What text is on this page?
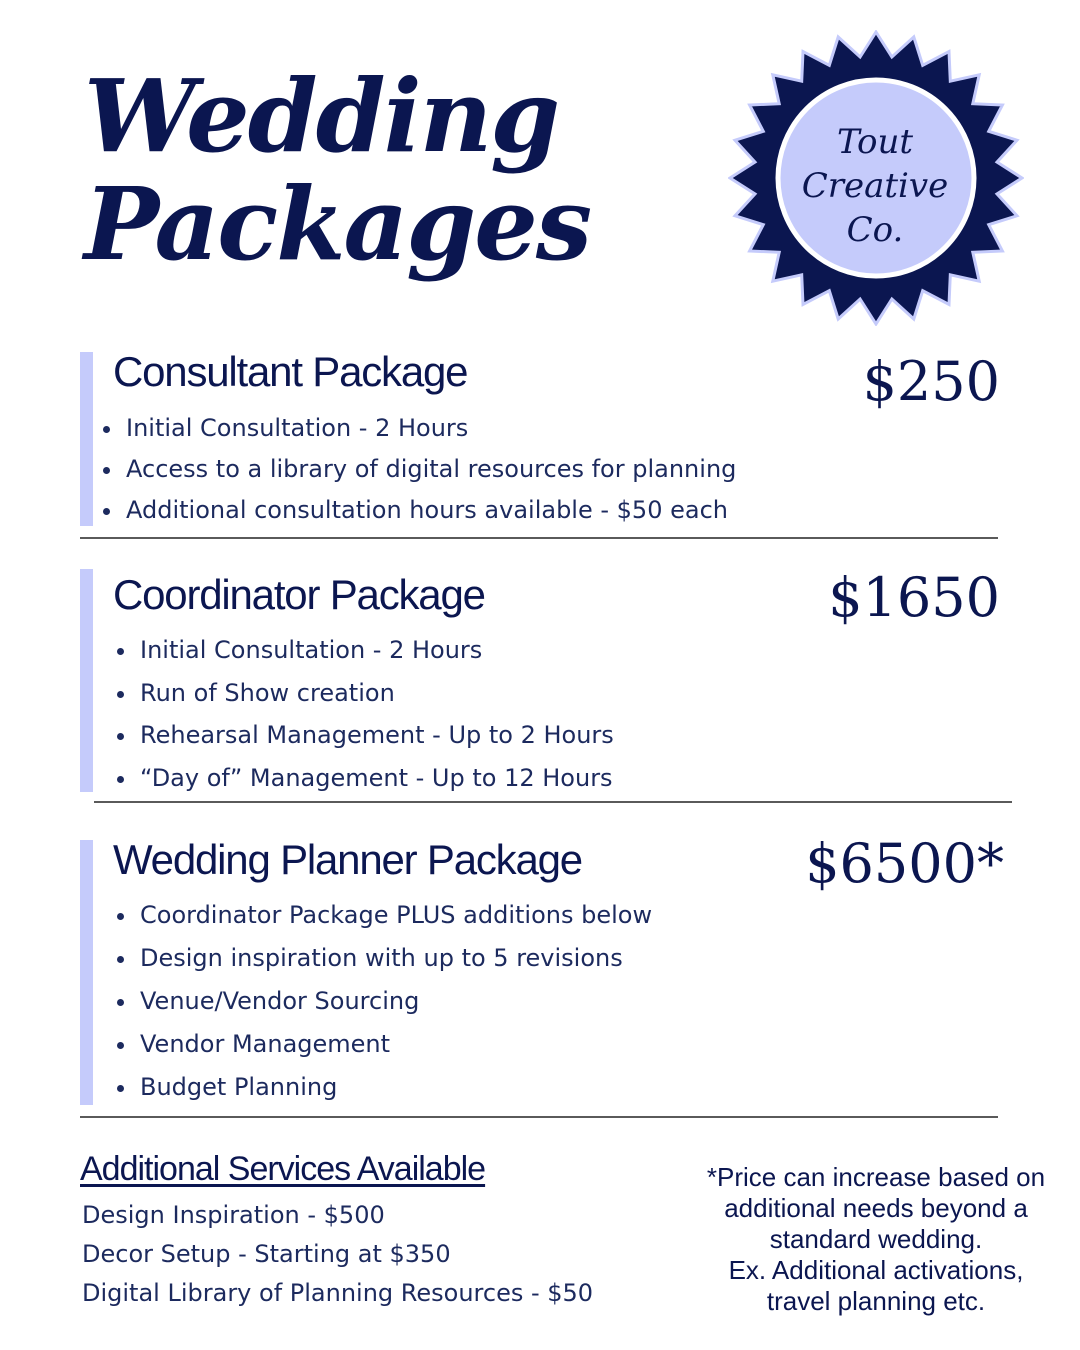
Wedding
Packages
Tout
Creative Co.
Consultant Package
• Initial Consultation - 2 Hours
• Access to a library of digital resources for planning
• Additional consultation hours available - $50 each
$250
Coordinator Package
• Initial Consultation - 2 Hours
• Run of Show creation
• Rehearsal Management - Up to 2 Hours
• “Day of” Management - Up to 12 Hours
$1650
Wedding Planner Package
• Coordinator Package PLUS additions below
• Design inspiration with up to 5 revisions
• Venue/Vendor Sourcing
• Vendor Management
• Budget Planning
$6500*
Additional Services Available
Design Inspiration - $500
Decor Setup - Starting at $350
Digital Library of Planning Resources - $50
*Price can increase based on
additional needs beyond a
standard wedding.
Ex. Additional activations,
travel planning etc.
